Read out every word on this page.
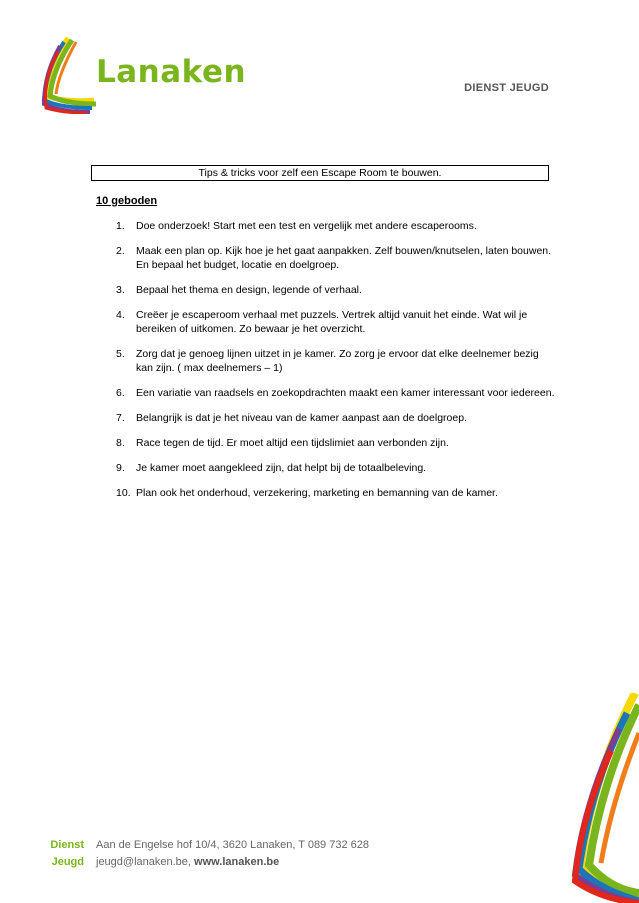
Lanaken	DIENST JEUGD
Tips & tricks voor zelf een Escape Room te bouwen.
10 geboden
1.	Doe onderzoek! Start met een test en vergelijk met andere escaperooms.
2.	Maak een plan op. Kijk hoe je het gaat aanpakken. Zelf bouwen/knutselen, laten bouwen. En bepaal het budget, locatie en doelgroep.
3.	Bepaal het thema en design, legende of verhaal.
4.	Creëer je escaperoom verhaal met puzzels. Vertrek altijd vanuit het einde. Wat wil je bereiken of uitkomen. Zo bewaar je het overzicht.
5.	Zorg dat je genoeg lijnen uitzet in je kamer. Zo zorg je ervoor dat elke deelnemer bezig kan zijn. ( max deelnemers – 1)
6.	Een variatie van raadsels en zoekopdrachten maakt een kamer interessant voor iedereen.
7.	Belangrijk is dat je het niveau van de kamer aanpast aan de doelgroep.
8.	Race tegen de tijd. Er moet altijd een tijdslimiet aan verbonden zijn.
9.	Je kamer moet aangekleed zijn, dat helpt bij de totaalbeleving.
10. Plan ook het onderhoud, verzekering, marketing en bemanning van de kamer.
Dienst
Jeugd
Aan de Engelse hof 10/4, 3620 Lanaken, T 089 732 628
jeugd@lanaken.be, www.lanaken.be
